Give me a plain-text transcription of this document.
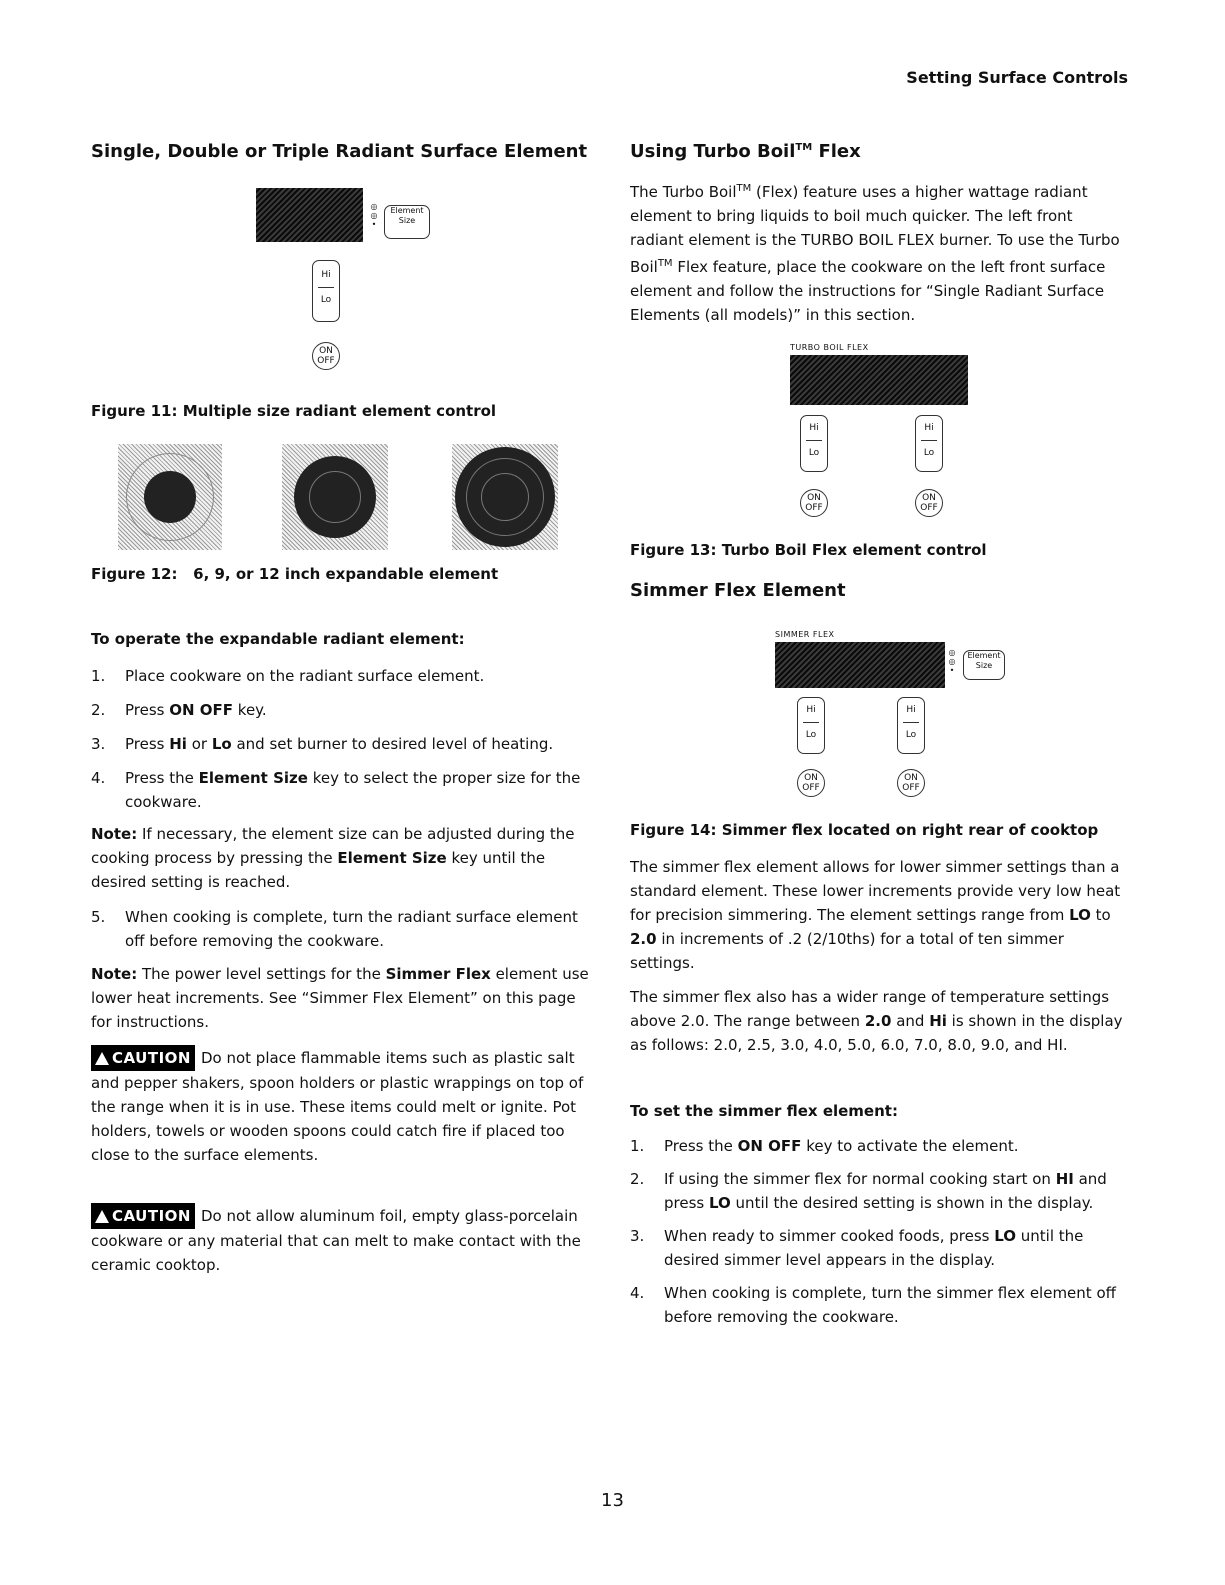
Setting Surface Controls
Single, Double or Triple Radiant Surface Element
◎
◎
•
Element
Size
Hi
Lo
ON
OFF
Figure 11: Multiple size radiant element control
Figure 12:   6, 9, or 12 inch expandable element
To operate the expandable radiant element:
1.	Place cookware on the radiant surface element.
2.	Press ON OFF key.
3.	Press Hi or Lo and set burner to desired level of heating.
4.	Press the Element Size key to select the proper size for the cookware.

Note: If necessary, the element size can be adjusted during the cooking process by pressing the Element Size key until the desired setting is reached.

5.	When cooking is complete, turn the radiant surface element off before removing the cookware.

Note: The power level settings for the Simmer Flex element use lower heat increments. See “Simmer Flex Element” on this page for instructions.

CAUTION Do not place flammable items such as plastic salt and pepper shakers, spoon holders or plastic wrappings on top of the range when it is in use. These items could melt or ignite. Pot holders, towels or wooden spoons could catch fire if placed too close to the surface elements.

CAUTION Do not allow aluminum foil, empty glass-porcelain cookware or any material that can melt to make contact with the ceramic cooktop.

Using Turbo Boil™ Flex

The Turbo Boil™ (Flex) feature uses a higher wattage radiant element to bring liquids to boil much quicker. The left front radiant element is the TURBO BOIL FLEX burner. To use the Turbo Boil™ Flex feature, place the cookware on the left front surface element and follow the instructions for “Single Radiant Surface Elements (all models)” in this section.

TURBO BOIL FLEX
Hi
Lo
Hi
Lo
ON
OFF
ON
OFF
Figure 13: Turbo Boil Flex element control
Simmer Flex Element
SIMMER FLEX
◎
◎
•
Element
Size
Hi
Lo
Hi
Lo
ON
OFF
ON
OFF
Figure 14: Simmer flex located on right rear of cooktop

The simmer flex element allows for lower simmer settings than a standard element. These lower increments provide very low heat for precision simmering. The element settings range from LO to 2.0 in increments of .2 (2/10ths) for a total of ten simmer settings.

The simmer flex also has a wider range of temperature settings above 2.0. The range between 2.0 and Hi is shown in the display as follows: 2.0, 2.5, 3.0, 4.0, 5.0, 6.0, 7.0, 8.0, 9.0, and HI.

To set the simmer flex element:
1.	Press the ON OFF key to activate the element.
2.	If using the simmer flex for normal cooking start on HI and press LO until the desired setting is shown in the display.
3.	When ready to simmer cooked foods, press LO until the desired simmer level appears in the display.
4.	When cooking is complete, turn the simmer flex element off before removing the cookware.
13
